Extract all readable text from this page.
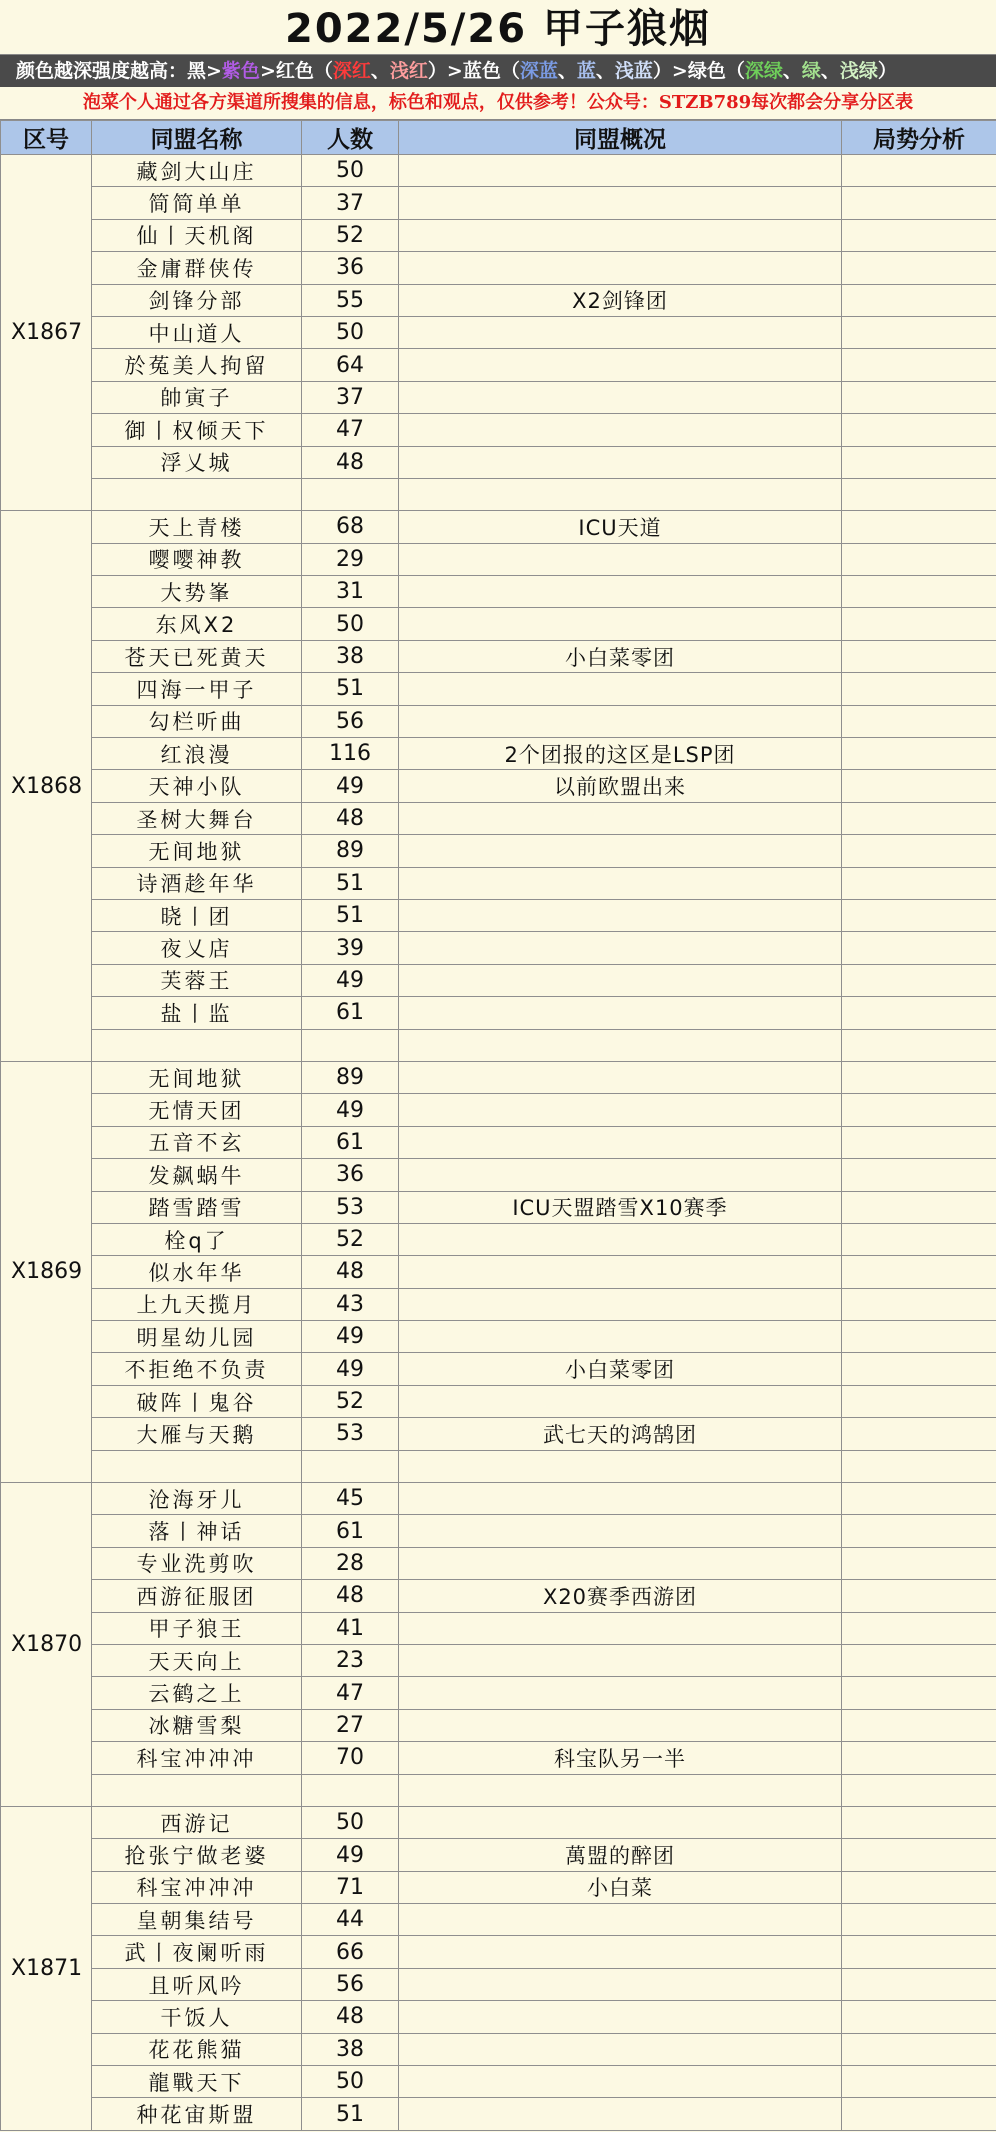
2022/5/26 甲子狼烟
颜色越深强度越高：黑>紫色>红色（深红、浅红）>蓝色（深蓝、蓝、浅蓝）>绿色（深绿、绿、浅绿）
泡菜个人通过各方渠道所搜集的信息，标色和观点，仅供参考！公众号：STZB789每次都会分享分区表
区号	同盟名称	人数	同盟概况	局势分析
X1867	藏剑大山庄	50		
	简简单单	37		
	仙丨天机阁	52		
	金庸群侠传	36		
	剑锋分部	55	X2剑锋团	
	中山道人	50		
	於菟美人拘留	64		
	帥寅子	37		
	御丨权倾天下	47		
	浮乂城	48		

X1868	天上青楼	68	ICU天道	
	嘤嘤神教	29		
	大势峯	31		
	东风X2	50		
	苍天已死黄天	38	小白菜零团	
	四海一甲子	51		
	勾栏听曲	56		
	红浪漫	116	2个团报的这区是LSP团	
	天神小队	49	以前欧盟出来	
	圣树大舞台	48		
	无间地狱	89		
	诗酒趁年华	51		
	晓丨团	51		
	夜乂店	39		
	芙蓉王	49		
	盐丨监	61		

X1869	无间地狱	89		
	无情天团	49		
	五音不玄	61		
	发飙蜗牛	36		
	踏雪踏雪	53	ICU天盟踏雪X10赛季	
	栓q了	52		
	似水年华	48		
	上九天揽月	43		
	明星幼儿园	49		
	不拒绝不负责	49	小白菜零团	
	破阵丨鬼谷	52		
	大雁与天鹅	53	武七天的鸿鹄团	

X1870	沧海牙儿	45		
	落丨神话	61		
	专业洗剪吹	28		
	西游征服团	48	X20赛季西游团	
	甲子狼王	41		
	天天向上	23		
	云鹤之上	47		
	冰糖雪梨	27		
	科宝冲冲冲	70	科宝队另一半	

X1871	西游记	50		
	抢张宁做老婆	49	萬盟的醉团	
	科宝冲冲冲	71	小白菜	
	皇朝集结号	44		
	武丨夜阑听雨	66		
	且听风吟	56		
	干饭人	48		
	花花熊猫	38		
	龍戰天下	50		
	种花宙斯盟	51		
